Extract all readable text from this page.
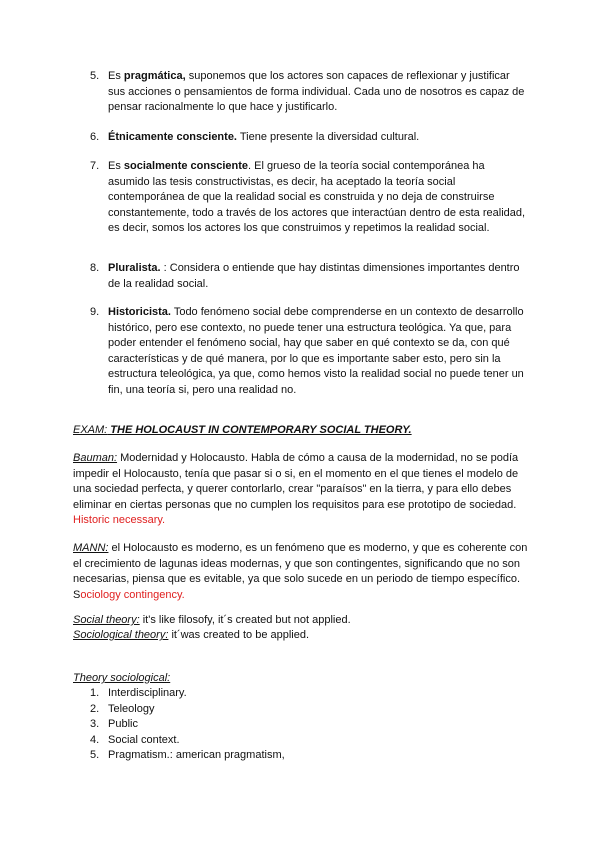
5. Es pragmática, suponemos que los actores son capaces de reflexionar y justificar sus acciones o pensamientos de forma individual. Cada uno de nosotros es capaz de pensar racionalmente lo que hace y justificarlo.

6. Étnicamente consciente. Tiene presente la diversidad cultural.

7. Es socialmente consciente. El grueso de la teoría social contemporánea ha asumido las tesis constructivistas, es decir, ha aceptado la teoría social contemporánea de que la realidad social es construida y no deja de construirse constantemente, todo a través de los actores que interactúan dentro de esta realidad, es decir, somos los actores los que construimos y repetimos la realidad social.

8. Pluralista. : Considera o entiende que hay distintas dimensiones importantes dentro de la realidad social.

9. Historicista. Todo fenómeno social debe comprenderse en un contexto de desarrollo histórico, pero ese contexto, no puede tener una estructura teológica. Ya que, para poder entender el fenómeno social, hay que saber en qué contexto se da, con qué características y de qué manera, por lo que es importante saber esto, pero sin la estructura teleológica, ya que, como hemos visto la realidad social no puede tener un fin, una teoría si, pero una realidad no.

EXAM: THE HOLOCAUST IN CONTEMPORARY SOCIAL THEORY.

Bauman: Modernidad y Holocausto. Habla de cómo a causa de la modernidad, no se podía impedir el Holocausto, tenía que pasar si o si, en el momento en el que tienes el modelo de una sociedad perfecta, y querer contorlarlo, crear "paraísos" en la tierra, y para ello debes eliminar en ciertas personas que no cumplen los requisitos para ese prototipo de sociedad. Historic necessary.

MANN: el Holocausto es moderno, es un fenómeno que es moderno, y que es coherente con el crecimiento de lagunas ideas modernas, y que son contingentes, significando que no son necesarias, piensa que es evitable, ya que solo sucede en un periodo de tiempo específico. Sociology contingency.

Social theory: it's like filosofy, it´s created but not applied.

Sociological theory: it´was created to be applied.

Theory sociological:

1. Interdisciplinary.
2. Teleology
3. Public
4. Social context.
5. Pragmatism.: american pragmatism,
